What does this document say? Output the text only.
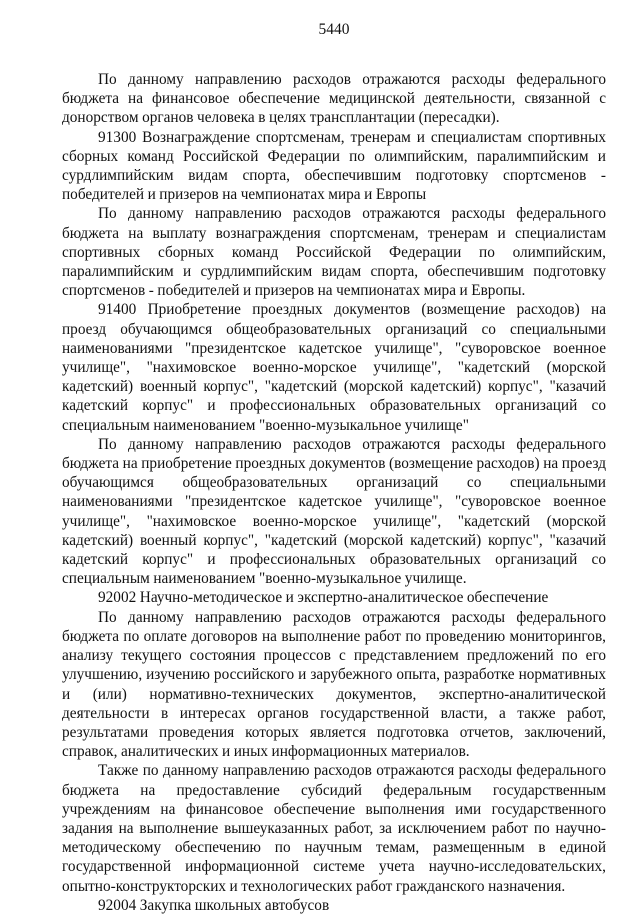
5440

По данному направлению расходов отражаются расходы федерального бюджета на финансовое обеспечение медицинской деятельности, связанной с донорством органов человека в целях трансплантации (пересадки).

91300 Вознаграждение спортсменам, тренерам и специалистам спортивных сборных команд Российской Федерации по олимпийским, паралимпийским и сурдлимпийским видам спорта, обеспечившим подготовку спортсменов - победителей и призеров на чемпионатах мира и Европы

По данному направлению расходов отражаются расходы федерального бюджета на выплату вознаграждения спортсменам, тренерам и специалистам спортивных сборных команд Российской Федерации по олимпийским, паралимпийским и сурдлимпийским видам спорта, обеспечившим подготовку спортсменов - победителей и призеров на чемпионатах мира и Европы.

91400 Приобретение проездных документов (возмещение расходов) на проезд обучающимся общеобразовательных организаций со специальными наименованиями "президентское кадетское училище", "суворовское военное училище", "нахимовское военно-морское училище", "кадетский (морской кадетский) военный корпус", "кадетский (морской кадетский) корпус", "казачий кадетский корпус" и профессиональных образовательных организаций со специальным наименованием "военно-музыкальное училище"

По данному направлению расходов отражаются расходы федерального бюджета на приобретение проездных документов (возмещение расходов) на проезд обучающимся общеобразовательных организаций со специальными наименованиями "президентское кадетское училище", "суворовское военное училище", "нахимовское военно-морское училище", "кадетский (морской кадетский) военный корпус", "кадетский (морской кадетский) корпус", "казачий кадетский корпус" и профессиональных образовательных организаций со специальным наименованием "военно-музыкальное училище.

92002 Научно-методическое и экспертно-аналитическое обеспечение

По данному направлению расходов отражаются расходы федерального бюджета по оплате договоров на выполнение работ по проведению мониторингов, анализу текущего состояния процессов с представлением предложений по его улучшению, изучению российского и зарубежного опыта, разработке нормативных и (или) нормативно-технических документов, экспертно-аналитической деятельности в интересах органов государственной власти, а также работ, результатами проведения которых является подготовка отчетов, заключений, справок, аналитических и иных информационных материалов.

Также по данному направлению расходов отражаются расходы федерального бюджета на предоставление субсидий федеральным государственным учреждениям на финансовое обеспечение выполнения ими государственного задания на выполнение вышеуказанных работ, за исключением работ по научно-методическому обеспечению по научным темам, размещенным в единой государственной информационной системе учета научно-исследовательских, опытно-конструкторских и технологических работ гражданского назначения.

92004 Закупка школьных автобусов
